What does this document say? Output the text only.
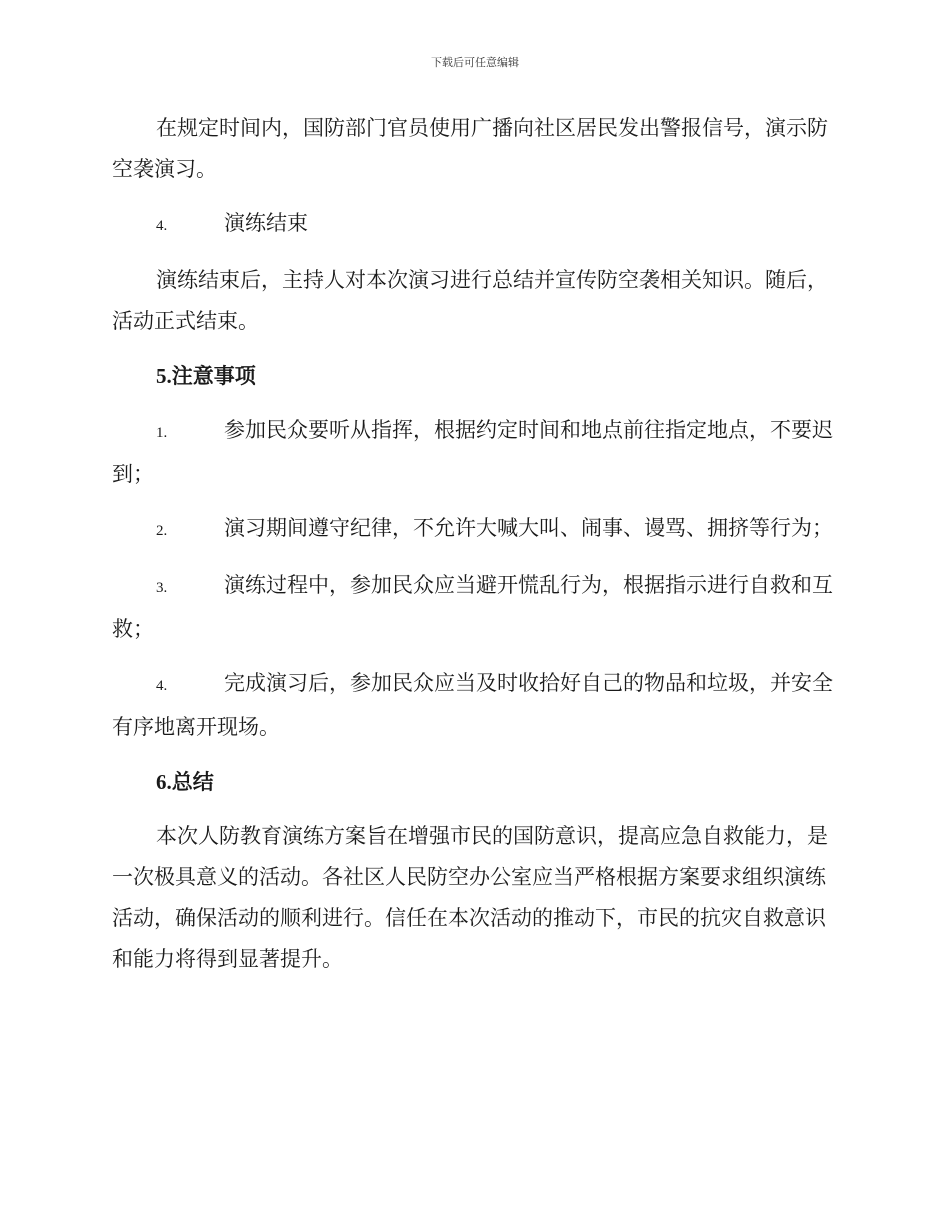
下载后可任意编辑

在规定时间内，国防部门官员使用广播向社区居民发出警报信号，演示防空袭演习。

4.	演练结束

演练结束后，主持人对本次演习进行总结并宣传防空袭相关知识。随后，活动正式结束。

5.注意事项

1.	参加民众要听从指挥，根据约定时间和地点前往指定地点，不要迟到；

2.	演习期间遵守纪律，不允许大喊大叫、闹事、谩骂、拥挤等行为；

3.	演练过程中，参加民众应当避开慌乱行为，根据指示进行自救和互救；

4.	完成演习后，参加民众应当及时收拾好自己的物品和垃圾，并安全有序地离开现场。

6.总结

本次人防教育演练方案旨在增强市民的国防意识，提高应急自救能力，是一次极具意义的活动。各社区人民防空办公室应当严格根据方案要求组织演练活动，确保活动的顺利进行。信任在本次活动的推动下，市民的抗灾自救意识和能力将得到显著提升。
